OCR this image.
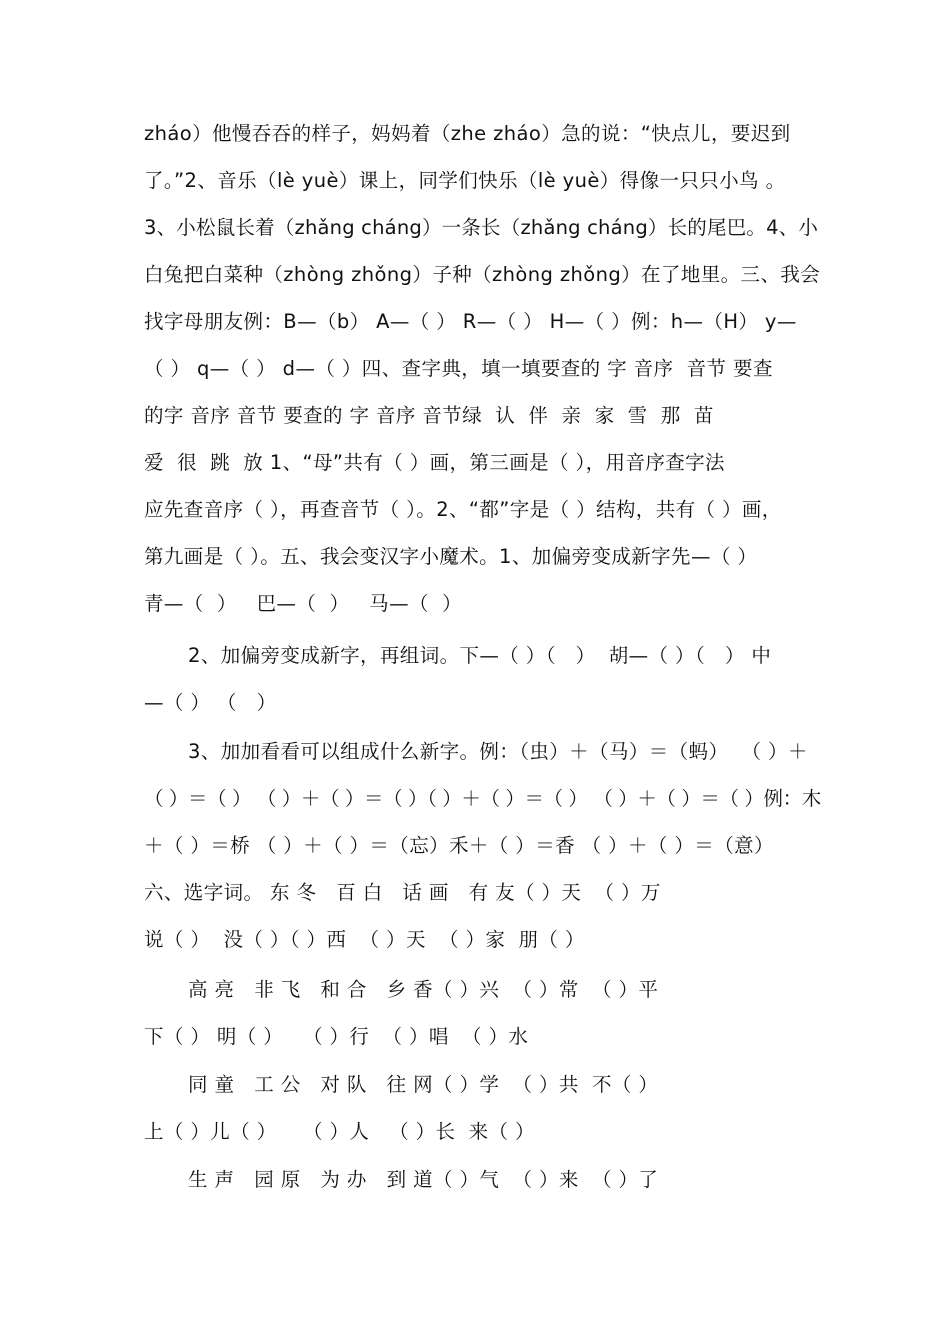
zháo）他慢吞吞的样子，妈妈着（zhe zháo）急的说：“快点儿，要迟到
了。”2、音乐（lè yuè）课上，同学们快乐（lè yuè）得像一只只小鸟 。
3、小松鼠长着（zhǎng cháng）一条长（zhǎng cháng）长的尾巴。4、小
白兔把白菜种（zhòng zhǒng）子种（zhòng zhǒng）在了地里。三、我会
找字母朋友例：B—（b） A—（ ） R—（ ） H—（ ）例：h—（H） y—
（ ） q—（ ） d—（ ）四、查字典，填一填要查的 字 音序  音节 要查
的字 音序 音节 要查的 字 音序 音节绿  认  伴  亲  家  雪  那  苗
爱  很  跳  放 1、“母”共有（ ）画，第三画是（ ），用音序查字法
应先查音序（ ），再查音节（ ）。2、“都”字是（ ）结构，共有（ ）画，
第九画是（ ）。五、我会变汉字小魔术。1、加偏旁变成新字先—（ ）
青—（  ）   巴—（  ）   马—（  ）
2、加偏旁变成新字，再组词。下—（ ）（   ）  胡—（ ）（   ） 中
—（ ） （   ）
3、加加看看可以组成什么新字。例：（虫）＋（马）＝（蚂）  （ ）＋
（ ）＝（ ） （ ）＋（ ）＝（ ）（ ）＋（ ）＝（ ） （ ）＋（ ）＝（ ）例：木
＋（ ）＝桥 （ ）＋（ ）＝（忘）禾＋（ ）＝香 （ ）＋（ ）＝（意）
六、选字词。 东 冬   百 白   话 画   有 友（ ）天  （ ）万
说（ ）  没（ ）（ ）西  （ ）天  （ ）家  朋（ ）
高 亮   非 飞   和 合   乡 香（ ）兴  （ ）常  （ ）平
下（ ） 明（ ）   （ ）行  （ ）唱  （ ）水
同 童   工 公   对 队   往 网（ ）学  （ ）共  不（ ）
上（ ）儿（ ）    （ ）人   （ ）长  来（ ）
生 声   园 原   为 办   到 道（ ）气  （ ）来  （ ）了
